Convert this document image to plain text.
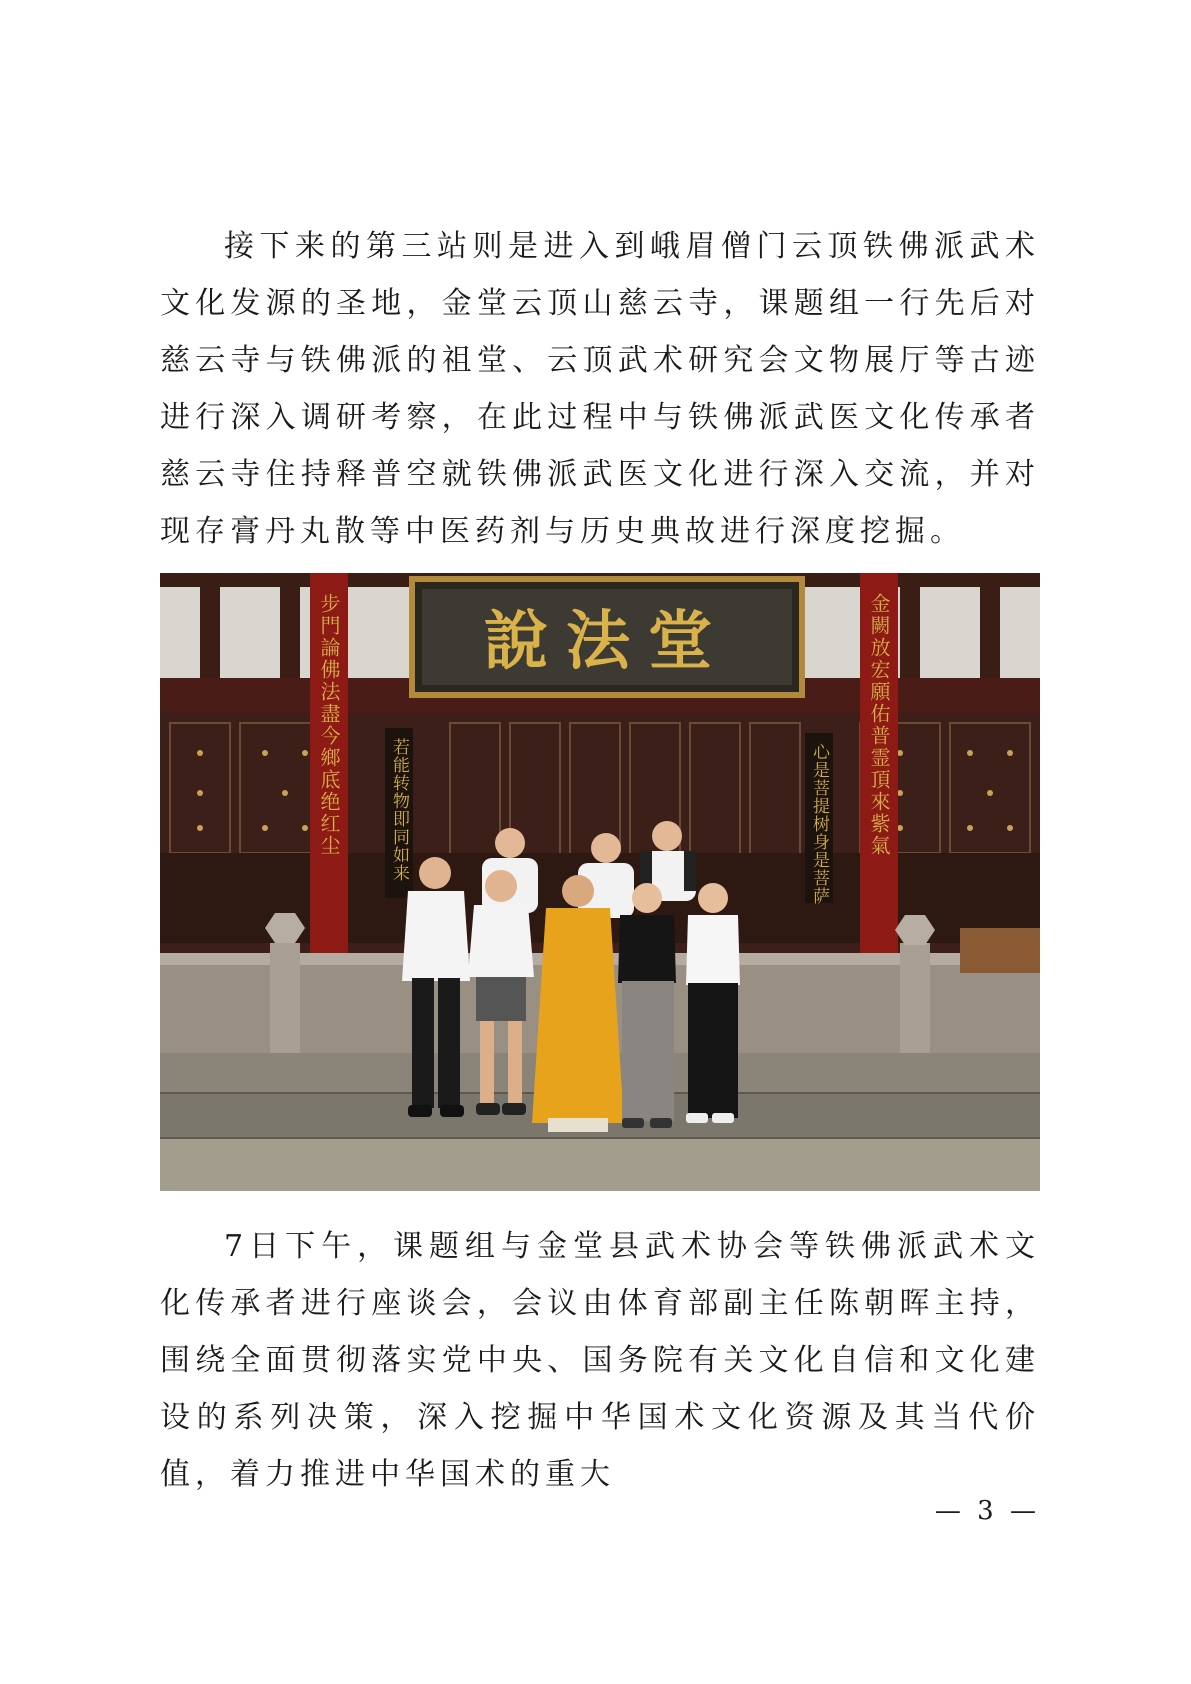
接下来的第三站则是进入到峨眉僧门云顶铁佛派武术文化发源的圣地，金堂云顶山慈云寺，课题组一行先后对慈云寺与铁佛派的祖堂、云顶武术研究会文物展厅等古迹进行深入调研考察，在此过程中与铁佛派武医文化传承者慈云寺住持释普空就铁佛派武医文化进行深入交流，并对现存膏丹丸散等中医药剂与历史典故进行深度挖掘。

說法堂
步門論佛法盡今鄉底绝红尘	金闕放宏願佑普霊頂來紫氣
若能转物即同如来	心是菩提树身是菩萨

7日下午，课题组与金堂县武术协会等铁佛派武术文化传承者进行座谈会，会议由体育部副主任陈朝晖主持，围绕全面贯彻落实党中央、国务院有关文化自信和文化建设的系列决策，深入挖掘中华国术文化资源及其当代价值，着力推进中华国术的重大

— 3 —
